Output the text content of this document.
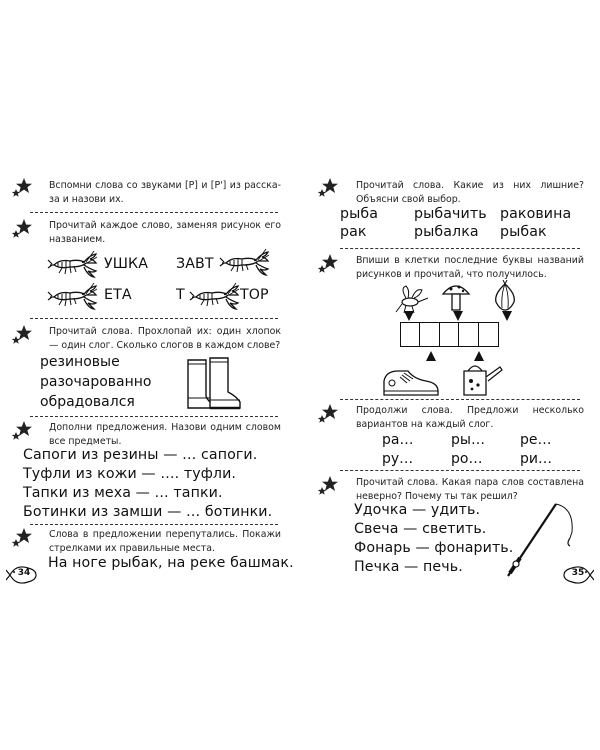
Вспомни слова со звуками [Р] и [Р'] из расска-за и назови их.
Прочитай каждое слово, заменяя рисунок его названием.
УШКА ЗАВТ
ЕТА	Т	ТОР
Прочитай слова. Прохлопай их: один хлопок — один слог. Сколько слогов в каждом слове?
резиновые
разочарованно
обрадовался
Дополни предложения. Назови одним словом все предметы.
Сапоги из резины — … сапоги.
Туфли из кожи — …. туфли.
Тапки из меха — … тапки.
Ботинки из замши — … ботинки.
Слова в предложении перепутались. Покажи стрелками их правильные места.
На ноге рыбак, на реке башмак.
34
Прочитай слова. Какие из них лишние? Объясни свой выбор.
рыба	рыбачить раковина
рак	рыбалка рыбак
Впиши в клетки последние буквы названий рисунков и прочитай, что получилось.
Продолжи слова. Предложи несколько вариантов на каждый слог.
ра…	ры…	ре…
ру…	ро…	ри…
Прочитай слова. Какая пара слов составлена неверно? Почему ты так решил?
Удочка — удить.
Свеча — светить.
Фонарь — фонарить.
Печка — печь.	35
